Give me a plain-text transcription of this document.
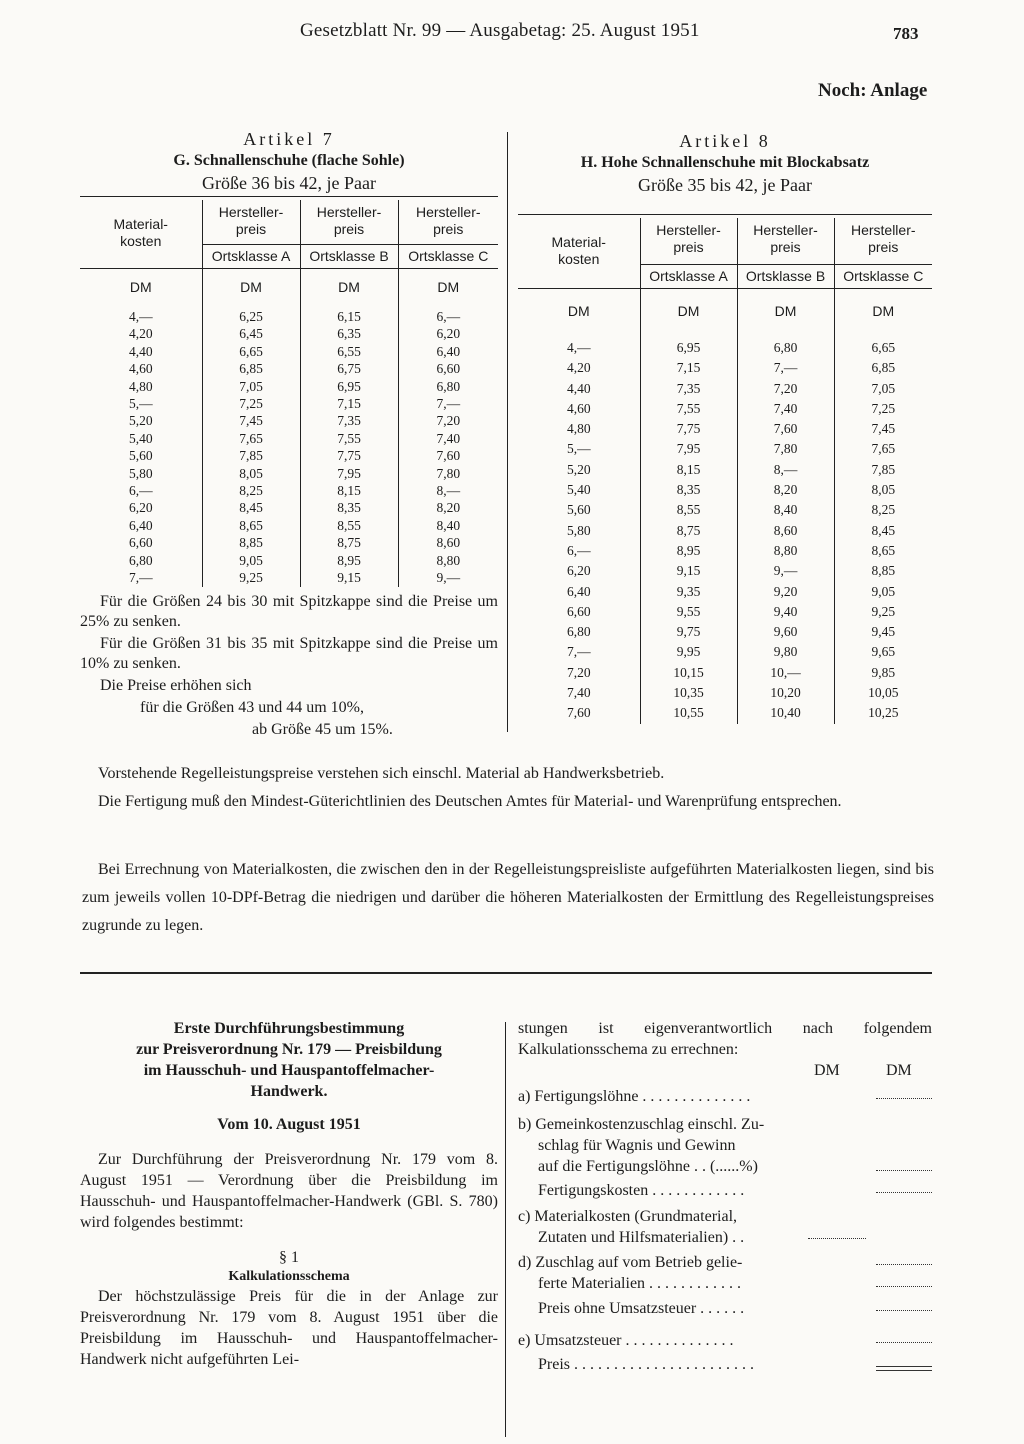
Gesetzblatt Nr. 99 — Ausgabetag: 25. August 1951	783
Noch: Anlage
Artikel 7
G. Schnallenschuhe (flache Sohle)
Größe 36 bis 42, je Paar
Material-
kosten	Hersteller-
preis	Hersteller-
preis	Hersteller-
preis
	Ortsklasse A	Ortsklasse B	Ortsklasse C
DM	DM	DM	DM
4,—	6,25	6,15	6,—
4,20	6,45	6,35	6,20
4,40	6,65	6,55	6,40
4,60	6,85	6,75	6,60
4,80	7,05	6,95	6,80
5,—	7,25	7,15	7,—
5,20	7,45	7,35	7,20
5,40	7,65	7,55	7,40
5,60	7,85	7,75	7,60
5,80	8,05	7,95	7,80
6,—	8,25	8,15	8,—
6,20	8,45	8,35	8,20
6,40	8,65	8,55	8,40
6,60	8,85	8,75	8,60
6,80	9,05	8,95	8,80
7,—	9,25	9,15	9,—

Für die Größen 24 bis 30 mit Spitzkappe sind die Preise um 25% zu senken.

Für die Größen 31 bis 35 mit Spitzkappe sind die Preise um 10% zu senken.

Die Preise erhöhen sich

für die Größen 43 und 44 um 10%,

ab Größe 45 um 15%.

Artikel 8
H. Hohe Schnallenschuhe mit Blockabsatz
Größe 35 bis 42, je Paar
Material-
kosten	Hersteller-
preis	Hersteller-
preis	Hersteller-
preis
	Ortsklasse A	Ortsklasse B	Ortsklasse C
DM	DM	DM	DM
4,—	6,95	6,80	6,65
4,20	7,15	7,—	6,85
4,40	7,35	7,20	7,05
4,60	7,55	7,40	7,25
4,80	7,75	7,60	7,45
5,—	7,95	7,80	7,65
5,20	8,15	8,—	7,85
5,40	8,35	8,20	8,05
5,60	8,55	8,40	8,25
5,80	8,75	8,60	8,45
6,—	8,95	8,80	8,65
6,20	9,15	9,—	8,85
6,40	9,35	9,20	9,05
6,60	9,55	9,40	9,25
6,80	9,75	9,60	9,45
7,—	9,95	9,80	9,65
7,20	10,15	10,—	9,85
7,40	10,35	10,20	10,05
7,60	10,55	10,40	10,25
Vorstehende Regelleistungspreise verstehen sich einschl. Material ab Handwerksbetrieb.
Die Fertigung muß den Mindest-Güterichtlinien des Deutschen Amtes für Material- und Warenprüfung entsprechen.
Bei Errechnung von Materialkosten, die zwischen den in der Regelleistungspreisliste aufgeführten Materialkosten liegen, sind bis zum jeweils vollen 10-DPf-Betrag die niedrigen und darüber die höheren Materialkosten der Ermittlung des Regelleistungspreises zugrunde zu legen.
Erste Durchführungsbestimmung
zur Preisverordnung Nr. 179 — Preisbildung
im Hausschuh- und Hauspantoffelmacher-
Handwerk.
Vom 10. August 1951

Zur Durchführung der Preisverordnung Nr. 179 vom 8. August 1951 — Verordnung über die Preisbildung im Hausschuh- und Hauspantoffelmacher-Handwerk (GBl. S. 780) wird folgendes bestimmt:

§ 1
Kalkulationsschema

Der höchstzulässige Preis für die in der Anlage zur Preisverordnung Nr. 179 vom 8. August 1951 über die Preisbildung im Hausschuh- und Hauspantoffelmacher-Handwerk nicht aufgeführten Lei-

stungen ist eigenverantwortlich nach folgendem Kalkulationsschema zu errechnen:

DM	DM
a) Fertigungslöhne . . . . . . . . . . . . . .
b) Gemeinkostenzuschlag einschl. Zu-
schlag für Wagnis und Gewinn
auf die Fertigungslöhne . . (......%)
Fertigungskosten . . . . . . . . . . . .
c) Materialkosten (Grundmaterial,
Zutaten und Hilfsmaterialien) . .
d) Zuschlag auf vom Betrieb gelie-
ferte Materialien . . . . . . . . . . . .
Preis ohne Umsatzsteuer . . . . . .
e) Umsatzsteuer . . . . . . . . . . . . . .
Preis . . . . . . . . . . . . . . . . . . . . . . .
